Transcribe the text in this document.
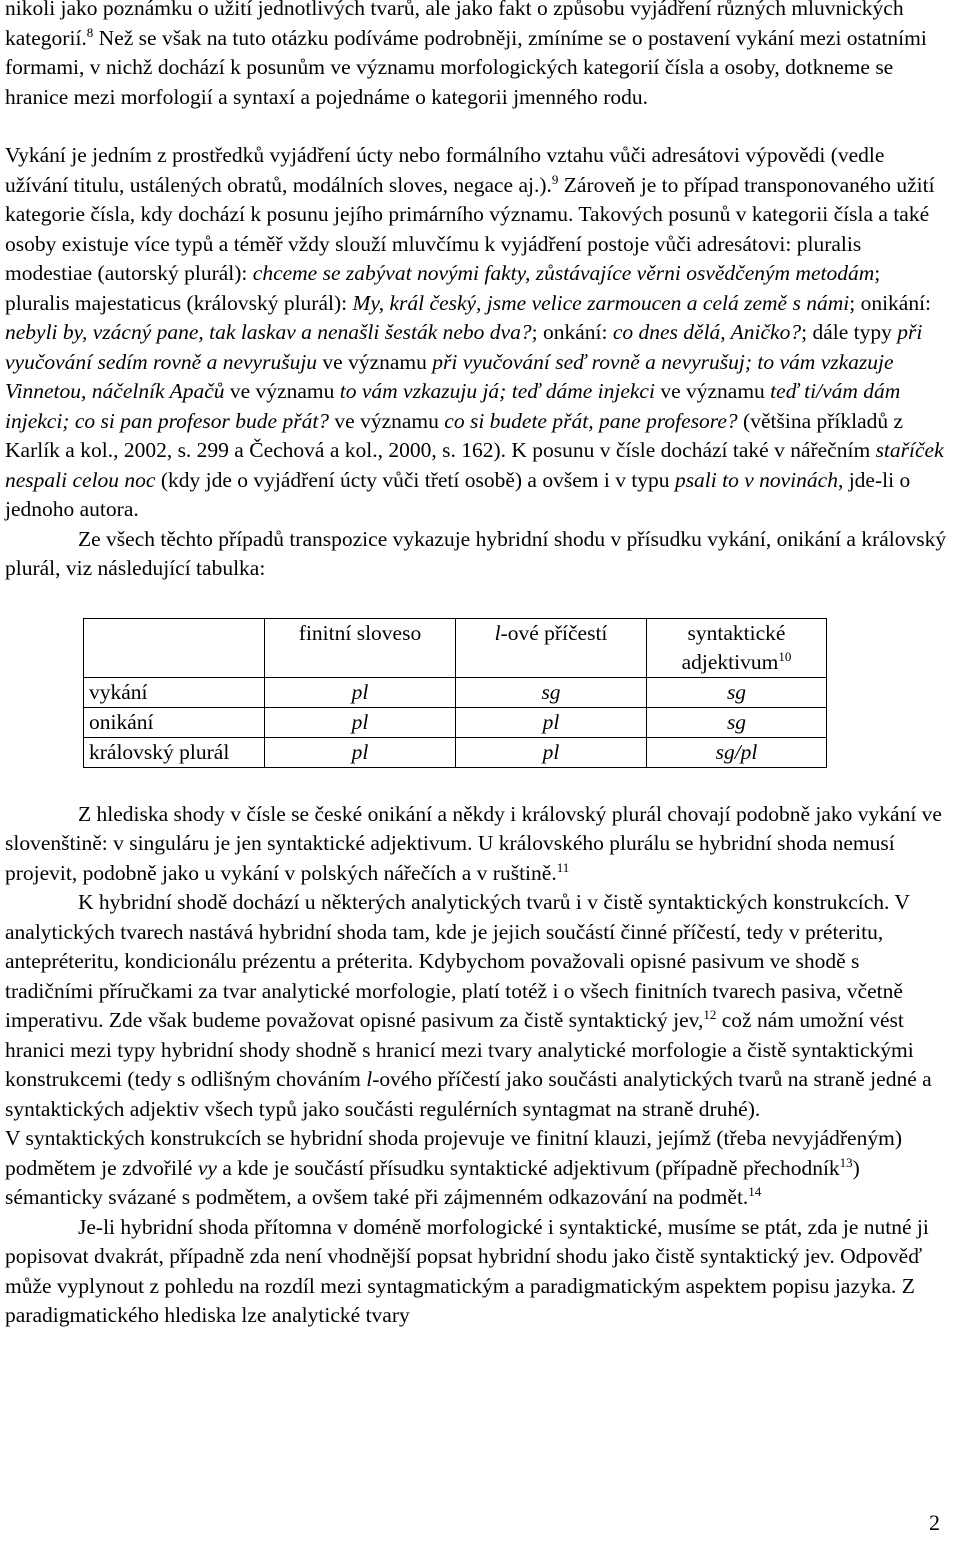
nikoli jako poznámku o užití jednotlivých tvarů, ale jako fakt o způsobu vyjádření různých mluvnických kategorií.$^8$ Než se však na tuto otázku podíváme podrobněji, zmíníme se o postavení vykání mezi ostatními formami, v nichž dochází k posunům ve významu morfologických kategorií čísla a osoby, dotkneme se hranice mezi morfologií a syntaxí a pojednáme o kategorii jmenného rodu.

Vykání je jedním z prostředků vyjádření úcty nebo formálního vztahu vůči adresátovi výpovědi (vedle užívání titulu, ustálených obratů, modálních sloves, negace aj.).$^9$ Zároveň je to případ transponovaného užití kategorie čísla, kdy dochází k posunu jejího primárního významu. Takových posunů v kategorii čísla a také osoby existuje více typů a téměř vždy slouží mluvčímu k vyjádření postoje vůči adresátovi: pluralis modestiae (autorský plurál): chceme se zabývat novými fakty, zůstávajíce věrni osvědčeným metodám; pluralis majestaticus (královský plurál): My, král český, jsme velice zarmoucen a celá země s námi; onikání: nebyli by, vzácný pane, tak laskav a nenašli šesták nebo dva?; onkání: co dnes dělá, Aničko?; dále typy při vyučování sedím rovně a nevyrušuju ve významu při vyučování seď rovně a nevyrušuj; to vám vzkazuje Vinnetou, náčelník Apačů ve významu to vám vzkazuju já; teď dáme injekci ve významu teď ti/vám dám injekci; co si pan profesor bude přát? ve významu co si budete přát, pane profesore? (většina příkladů z Karlík a kol., 2002, s. 299 a Čechová a kol., 2000, s. 162). K posunu v čísle dochází také v nářečním staříček nespali celou noc (kdy jde o vyjádření úcty vůči třetí osobě) a ovšem i v typu psali to v novinách, jde-li o jednoho autora.

Ze všech těchto případů transpozice vykazuje hybridní shodu v přísudku vykání, onikání a královský plurál, viz následující tabulka:

	finitní sloveso	l-ové příčestí	syntaktické adjektivum$^{10}$
vykání	pl	sg	sg
onikání	pl	pl	sg
královský plurál	pl	pl	sg/pl

Z hlediska shody v čísle se české onikání a někdy i královský plurál chovají podobně jako vykání ve slovenštině: v singuláru je jen syntaktické adjektivum. U královského plurálu se hybridní shoda nemusí projevit, podobně jako u vykání v polských nářečích a v ruštině.$^{11}$

K hybridní shodě dochází u některých analytických tvarů i v čistě syntaktických konstrukcích. V analytických tvarech nastává hybridní shoda tam, kde je jejich součástí činné příčestí, tedy v préteritu, antepréteritu, kondicionálu prézentu a préterita. Kdybychom považovali opisné pasivum ve shodě s tradičními příručkami za tvar analytické morfologie, platí totéž i o všech finitních tvarech pasiva, včetně imperativu. Zde však budeme považovat opisné pasivum za čistě syntaktický jev,$^{12}$ což nám umožní vést hranici mezi typy hybridní shody shodně s hranicí mezi tvary analytické morfologie a čistě syntaktickými konstrukcemi (tedy s odlišným chováním l-ového příčestí jako součásti analytických tvarů na straně jedné a syntaktických adjektiv všech typů jako součásti regulérních syntagmat na straně druhé).

V syntaktických konstrukcích se hybridní shoda projevuje ve finitní klauzi, jejímž (třeba nevyjádřeným) podmětem je zdvořilé vy a kde je součástí přísudku syntaktické adjektivum (případně přechodník$^{13}$) sémanticky svázané s podmětem, a ovšem také při zájmenném odkazování na podmět.$^{14}$

Je-li hybridní shoda přítomna v doméně morfologické i syntaktické, musíme se ptát, zda je nutné ji popisovat dvakrát, případně zda není vhodnější popsat hybridní shodu jako čistě syntaktický jev. Odpověď může vyplynout z pohledu na rozdíl mezi syntagmatickým a paradigmatickým aspektem popisu jazyka. Z paradigmatického hlediska lze analytické tvary

2
